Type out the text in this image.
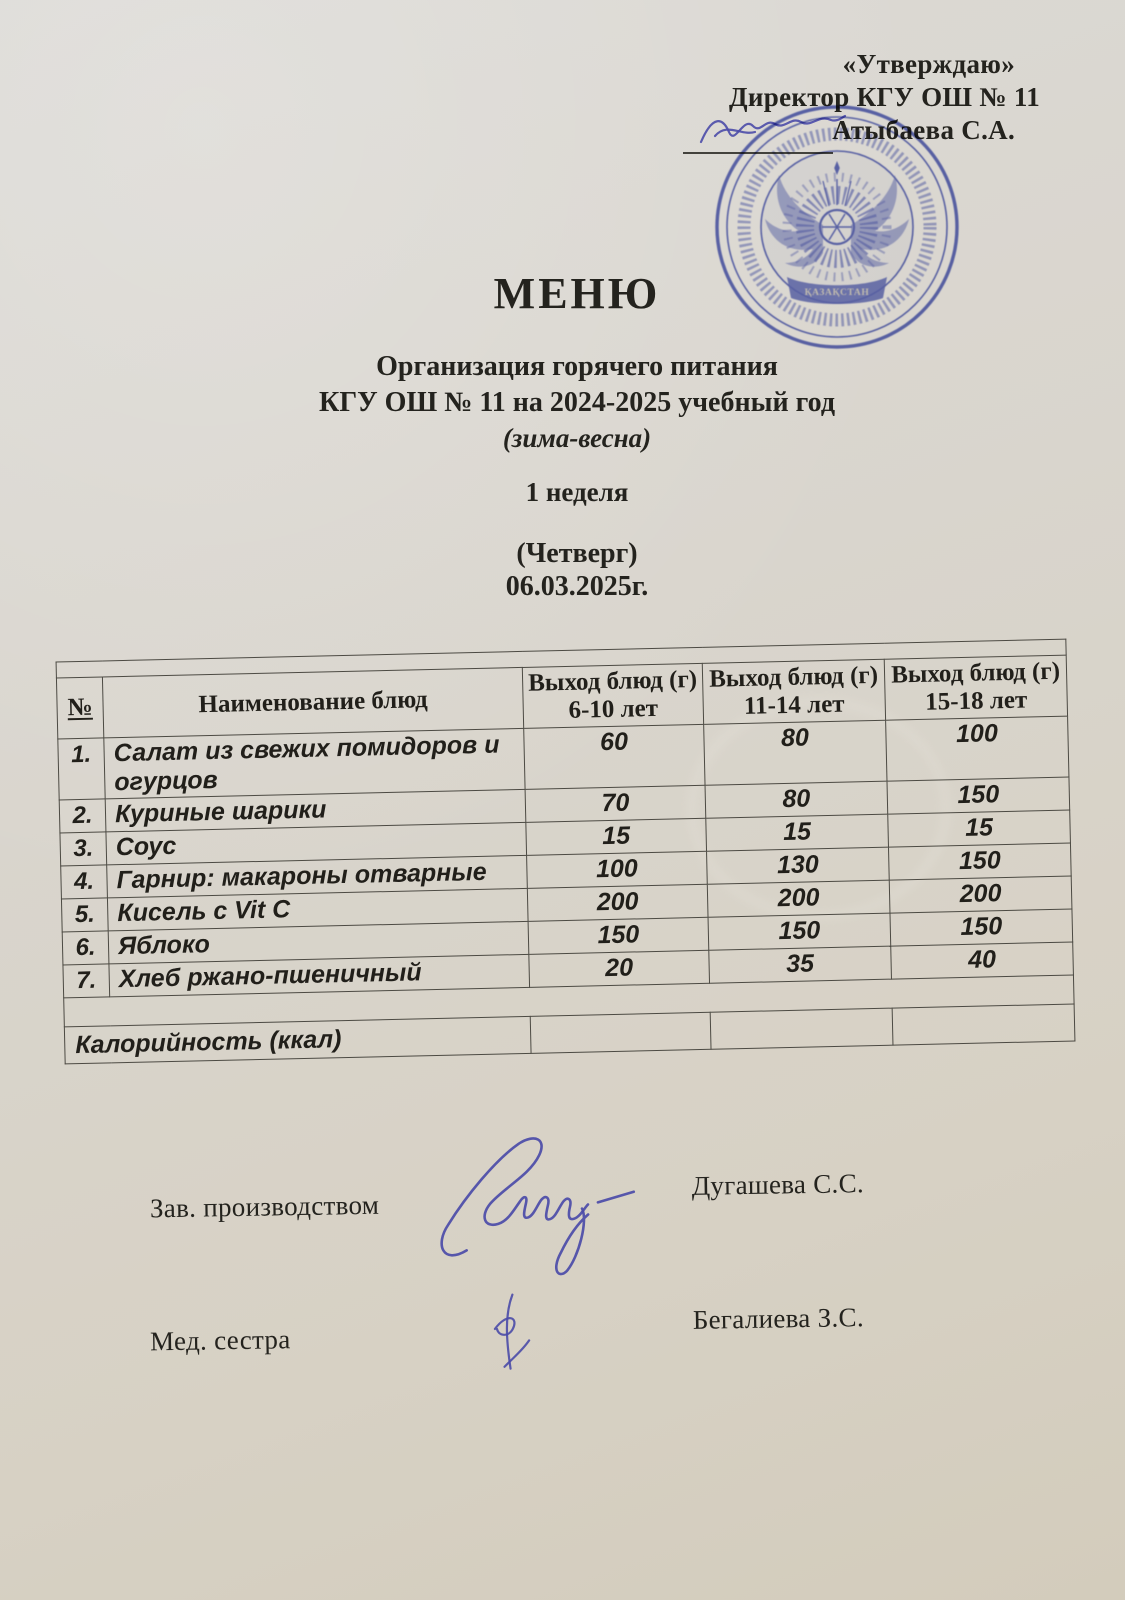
«Утверждаю»
Директор КГУ ОШ № 11
Атыбаева С.А.
ҚАЗАҚСТАН
МЕНЮ
Организация горячего питания
КГУ ОШ № 11 на 2024-2025 учебный год
(зима-весна)
1 неделя
(Четверг)
06.03.2025г.

№	Наименование блюд	Выход блюд (г) 6-10 лет	Выход блюд (г) 11-14 лет	Выход блюд (г) 15-18 лет
1.	Салат из свежих помидоров и огурцов	60	80	100
2.	Куриные шарики	70	80	150
3.	Соус	15	15	15
4.	Гарнир: макароны отварные	100	130	150
5.	Кисель с Vit C	200	200	200
6.	Яблоко	150	150	150
7.	Хлеб ржано-пшеничный	20	35	40

Калорийность (ккал)				
Зав. производством
Дугашева С.С.
Мед. сестра
Бегалиева З.С.
